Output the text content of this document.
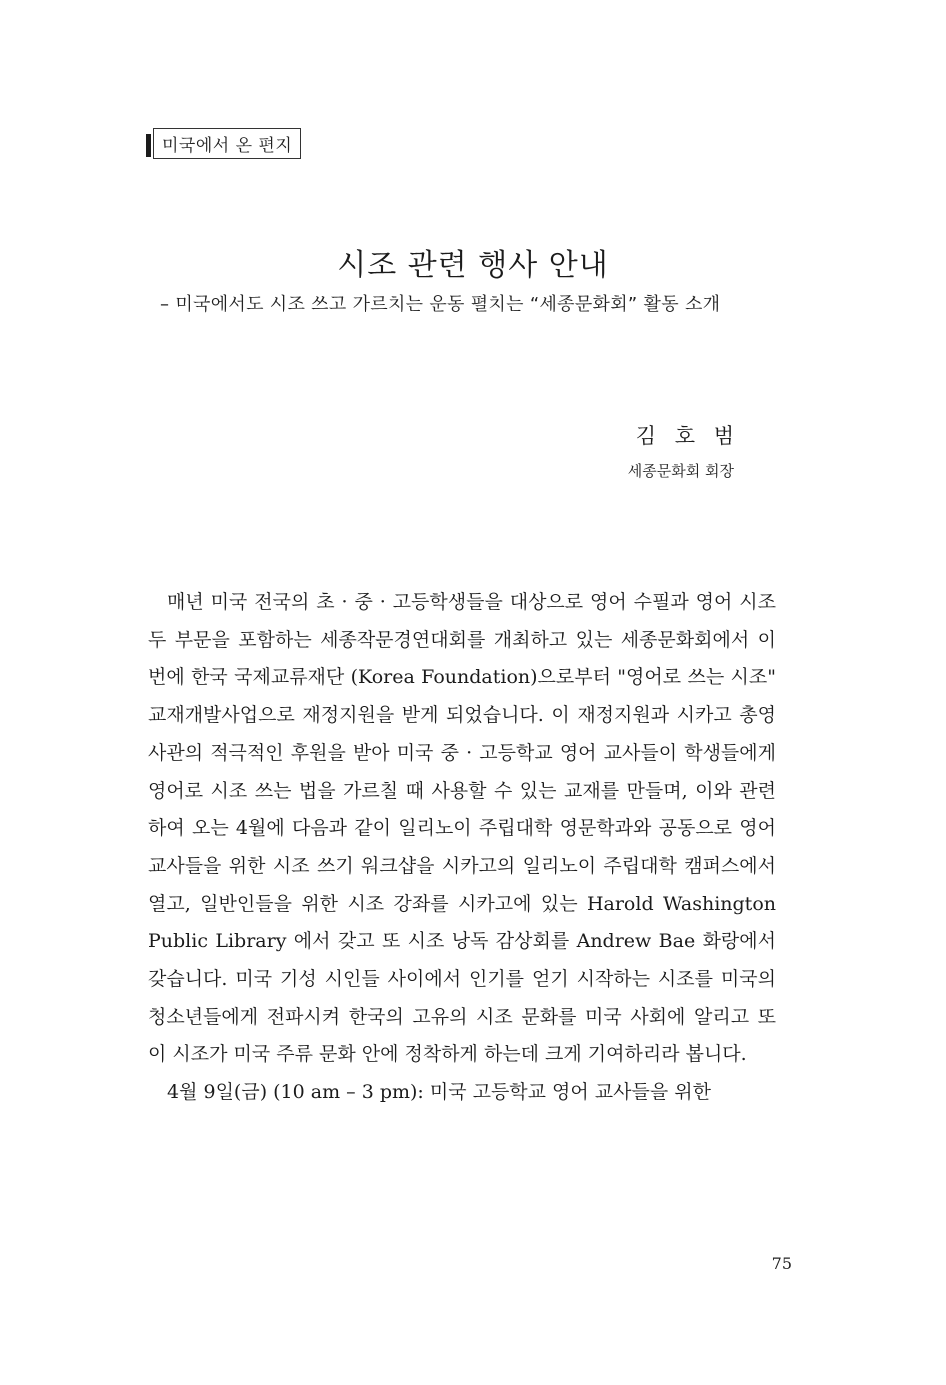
미국에서 온 편지
시조 관련 행사 안내
– 미국에서도 시조 쓰고 가르치는 운동 펼치는 “세종문화회” 활동 소개
김 호 범
세종문화회 회장

매년 미국 전국의 초 · 중 · 고등학생들을 대상으로 영어 수필과 영어 시조 두 부문을 포함하는 세종작문경연대회를 개최하고 있는 세종문화회에서 이번에 한국 국제교류재단 (Korea Foundation)으로부터 "영어로 쓰는 시조" 교재개발사업으로 재정지원을 받게 되었습니다. 이 재정지원과 시카고 총영사관의 적극적인 후원을 받아 미국 중 · 고등학교 영어 교사들이 학생들에게 영어로 시조 쓰는 법을 가르칠 때 사용할 수 있는 교재를 만들며, 이와 관련하여 오는 4월에 다음과 같이 일리노이 주립대학 영문학과와 공동으로 영어 교사들을 위한 시조 쓰기 워크샵을 시카고의 일리노이 주립대학 캠퍼스에서 열고, 일반인들을 위한 시조 강좌를 시카고에 있는 Harold Washington Public Library 에서 갖고 또 시조 낭독 감상회를 Andrew Bae 화랑에서 갖습니다. 미국 기성 시인들 사이에서 인기를 얻기 시작하는 시조를 미국의 청소년들에게 전파시켜 한국의 고유의 시조 문화를 미국 사회에 알리고 또 이 시조가 미국 주류 문화 안에 정착하게 하는데 크게 기여하리라 봅니다.

4월 9일(금) (10 am – 3 pm): 미국 고등학교 영어 교사들을 위한

75
